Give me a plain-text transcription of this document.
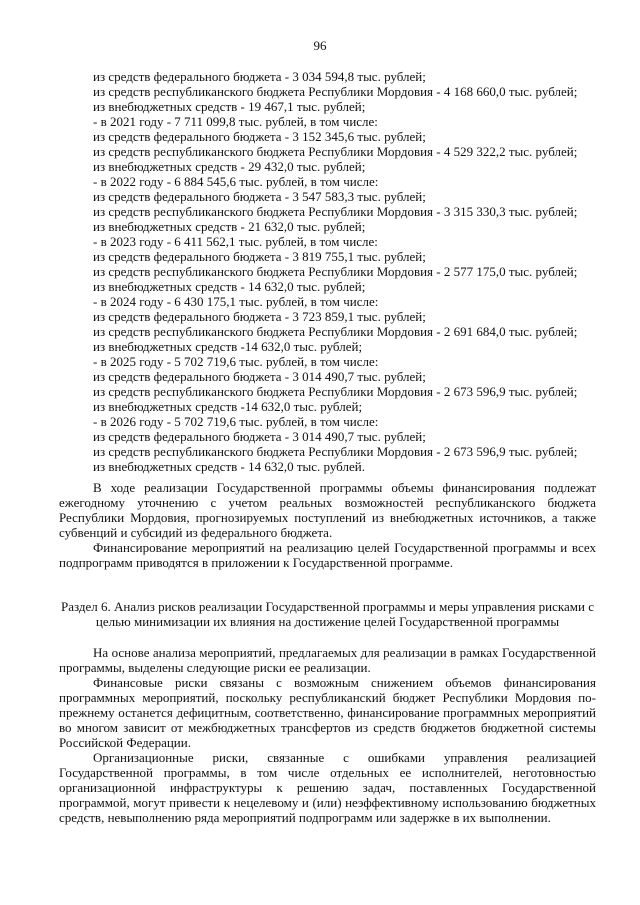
96
из средств федерального бюджета - 3 034 594,8 тыс. рублей;
из средств республиканского бюджета Республики Мордовия - 4 168 660,0 тыс. рублей;
из внебюджетных средств - 19 467,1 тыс. рублей;
- в 2021 году - 7 711 099,8 тыс. рублей, в том числе:
из средств федерального бюджета - 3 152 345,6 тыс. рублей;
из средств республиканского бюджета Республики Мордовия - 4 529 322,2 тыс. рублей;
из внебюджетных средств - 29 432,0 тыс. рублей;
- в 2022 году - 6 884 545,6 тыс. рублей, в том числе:
из средств федерального бюджета - 3 547 583,3 тыс. рублей;
из средств республиканского бюджета Республики Мордовия - 3 315 330,3 тыс. рублей;
из внебюджетных средств - 21 632,0 тыс. рублей;
- в 2023 году - 6 411 562,1 тыс. рублей, в том числе:
из средств федерального бюджета - 3 819 755,1 тыс. рублей;
из средств республиканского бюджета Республики Мордовия - 2 577 175,0 тыс. рублей;
из внебюджетных средств - 14 632,0 тыс. рублей;
- в 2024 году - 6 430 175,1 тыс. рублей, в том числе:
из средств федерального бюджета - 3 723 859,1 тыс. рублей;
из средств республиканского бюджета Республики Мордовия - 2 691 684,0 тыс. рублей;
из внебюджетных средств -14 632,0 тыс. рублей;
- в 2025 году - 5 702 719,6 тыс. рублей, в том числе:
из средств федерального бюджета - 3 014 490,7 тыс. рублей;
из средств республиканского бюджета Республики Мордовия - 2 673 596,9 тыс. рублей;
из внебюджетных средств -14 632,0 тыс. рублей;
- в 2026 году - 5 702 719,6 тыс. рублей, в том числе:
из средств федерального бюджета - 3 014 490,7 тыс. рублей;
из средств республиканского бюджета Республики Мордовия - 2 673 596,9 тыс. рублей;
из внебюджетных средств - 14 632,0 тыс. рублей.

В ходе реализации Государственной программы объемы финансирования подлежат ежегодному уточнению с учетом реальных возможностей республиканского бюджета Республики Мордовия, прогнозируемых поступлений из внебюджетных источников, а также субвенций и субсидий из федерального бюджета.

Финансирование мероприятий на реализацию целей Государственной программы и всех подпрограмм приводятся в приложении к Государственной программе.

Раздел 6. Анализ рисков реализации Государственной программы и меры управления рисками с целью минимизации их влияния на достижение целей Государственной программы

На основе анализа мероприятий, предлагаемых для реализации в рамках Государственной программы, выделены следующие риски ее реализации.

Финансовые риски связаны с возможным снижением объемов финансирования программных мероприятий, поскольку республиканский бюджет Республики Мордовия по-прежнему останется дефицитным, соответственно, финансирование программных мероприятий во многом зависит от межбюджетных трансфертов из средств бюджетов бюджетной системы Российской Федерации.

Организационные риски, связанные с ошибками управления реализацией Государственной программы, в том числе отдельных ее исполнителей, неготовностью организационной инфраструктуры к решению задач, поставленных Государственной программой, могут привести к нецелевому и (или) неэффективному использованию бюджетных средств, невыполнению ряда мероприятий подпрограмм или задержке в их выполнении.
